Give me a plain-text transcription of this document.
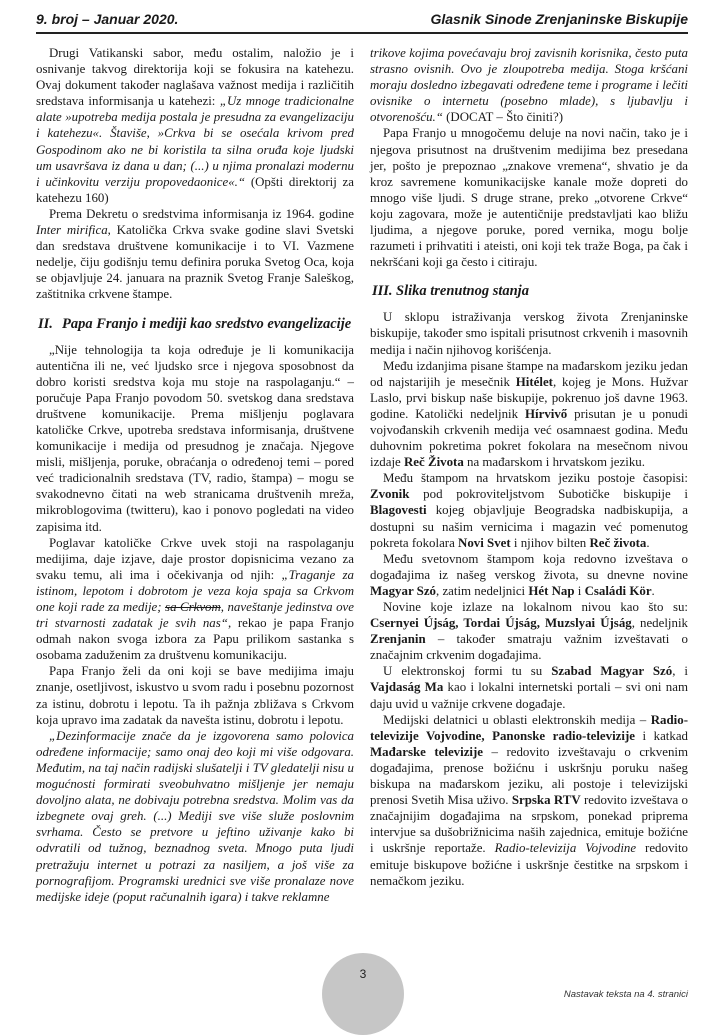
9. broj – Januar 2020.	Glasnik Sinode Zrenjaninske Biskupije

Drugi Vatikanski sabor, među ostalim, naložio je i osnivanje takvog direktorija koji se fokusira na katehezu. Ovaj dokument također naglašava važnost medija i različitih sredstava informisanja u katehezi: „Uz mnoge tradicionalne alate »upotreba medija postala je presudna za evangelizaciju i katehezu«. Štaviše, »Crkva bi se osećala krivom pred Gospodinom ako ne bi koristila ta silna oruđa koje ljudski um usavršava iz dana u dan; (...) u njima pronalazi modernu i učinkovitu verziju propovedaonice«.“ (Opšti direktorij za katehezu 160)

Prema Dekretu o sredstvima informisanja iz 1964. godine Inter mirifica, Katolička Crkva svake godine slavi Svetski dan sredstava društvene komunikacije i to VI. Vazmene nedelje, čiju godišnju temu definira poruka Svetog Oca, koja se objavljuje 24. januara na praznik Svetog Franje Saleškog, zaštitnika crkvene štampe.

II. Papa Franjo i mediji kao sredstvo evangelizacije

„Nije tehnologija ta koja određuje je li komunikacija autentična ili ne, već ljudsko srce i njegova sposobnost da dobro koristi sredstva koja mu stoje na raspolaganju.“ – poručuje Papa Franjo povodom 50. svetskog dana sredstava društvene komunikacije. Prema mišljenju poglavara katoličke Crkve, upotreba sredstava informisanja, društvene komunikacije i medija od presudnog je značaja. Njegove misli, mišljenja, poruke, obraćanja o određenoj temi – pored već tradicionalnih sredstava (TV, radio, štampa) – mogu se svakodnevno čitati na web stranicama društvenih mreža, mikroblogovima (twitteru), kao i ponovo pogledati na video zapisima itd.

Poglavar katoličke Crkve uvek stoji na raspolaganju medijima, daje izjave, daje prostor dopisnicima vezano za svaku temu, ali ima i očekivanja od njih: „Traganje za istinom, lepotom i dobrotom je veza koja spaja sa Crkvom one koji rade za medije; sa Crkvom, naveštanje jedinstva ove tri stvarnosti zadatak je svih nas“, rekao je papa Franjo odmah nakon svoga izbora za Papu prilikom sastanka s osobama zaduženim za društvenu komunikaciju.

Papa Franjo želi da oni koji se bave medijima imaju znanje, osetljivost, iskustvo u svom radu i posebnu pozornost za istinu, dobrotu i lepotu. Ta ih pažnja zbližava s Crkvom koja upravo ima zadatak da navešta istinu, dobrotu i lepotu.

„Dezinformacije znače da je izgovorena samo polovica određene informacije; samo onaj deo koji mi više odgovara. Međutim, na taj način radijski slušatelji i TV gledatelji nisu u mogućnosti formirati sveobuhvatno mišljenje jer nemaju dovoljno alata, ne dobivaju potrebna sredstva. Molim vas da izbegnete ovaj greh. (...) Mediji sve više služe poslovnim svrhama. Često se pretvore u jeftino uživanje kako bi odvratili od tužnog, beznadnog sveta. Mnogo puta ljudi pretražuju internet u potrazi za nasiljem, a još više za pornografijom. Programski urednici sve više pronalaze nove medijske ideje (poput računalnih igara) i takve reklamne

trikove kojima povećavaju broj zavisnih korisnika, često puta strasno ovisnih. Ovo je zloupotreba medija. Stoga kršćani moraju dosledno izbegavati određene teme i programe i lečiti ovisnike o internetu (posebno mlade), s ljubavlju i otvorenošću.“ (DOCAT – Što činiti?)

Papa Franjo u mnogočemu deluje na novi način, tako je i njegova prisutnost na društvenim medijima bez presedana jer, pošto je prepoznao „znakove vremena“, shvatio je da kroz savremene komunikacijske kanale može dopreti do mnogo više ljudi. S druge strane, preko „otvorene Crkve“ koju zagovara, može je autentičnije predstavljati kao bližu ljudima, a njegove poruke, pored vernika, mogu bolje razumeti i prihvatiti i ateisti, oni koji tek traže Boga, pa čak i nekršćani koji ga često i citiraju.

III. Slika trenutnog stanja

U sklopu istraživanja verskog života Zrenjaninske biskupije, također smo ispitali prisutnost crkvenih i masovnih medija i način njihovog korišćenja.

Među izdanjima pisane štampe na mađarskom jeziku jedan od najstarijih je mesečnik Hitélet, kojeg je Mons. Hužvar Laslo, prvi biskup naše biskupije, pokrenuo još davne 1963. godine. Katolički nedeljnik Hírvivő prisutan je u ponudi vojvođanskih crkvenih medija već osamnaest godina. Među duhovnim pokretima pokret fokolara na mesečnom nivou izdaje Reč Života na mađarskom i hrvatskom jeziku.

Među štampom na hrvatskom jeziku postoje časopisi: Zvonik pod pokroviteljstvom Subotičke biskupije i Blagovesti kojeg objavljuje Beogradska nadbiskupija, a dostupni su našim vernicima i magazin već pomenutog pokreta fokolara Novi Svet i njihov bilten Reč života.

Među svetovnom štampom koja redovno izveštava o događajima iz našeg verskog života, su dnevne novine Magyar Szó, zatim nedeljnici Hét Nap i Családi Kör.

Novine koje izlaze na lokalnom nivou kao što su: Csernyei Újság, Tordai Újság, Muzslyai Újság, nedeljnik Zrenjanin – također smatraju važnim izveštavati o značajnim crkvenim događajima.

U elektronskoj formi tu su Szabad Magyar Szó, i Vajdaság Ma kao i lokalni internetski portali – svi oni nam daju uvid u važnije crkvene događaje.

Medijski delatnici u oblasti elektronskih medija – Radio-televizije Vojvodine, Panonske radio-televizije i katkad Mađarske televizije – redovito izveštavaju o crkvenim događajima, prenose božićnu i uskršnju poruku našeg biskupa na mađarskom jeziku, ali postoje i televizijski prenosi Svetih Misa uživo. Srpska RTV redovito izveštava o značajnijim događajima na srpskom, ponekad priprema intervjue sa dušobrižnicima naših zajednica, emituje božićne i uskršnje reportaže. Radio-televizija Vojvodine redovito emituje biskupove božićne i uskršnje čestitke na srpskom i nemačkom jeziku.

Nastavak teksta na 4. stranici
3
